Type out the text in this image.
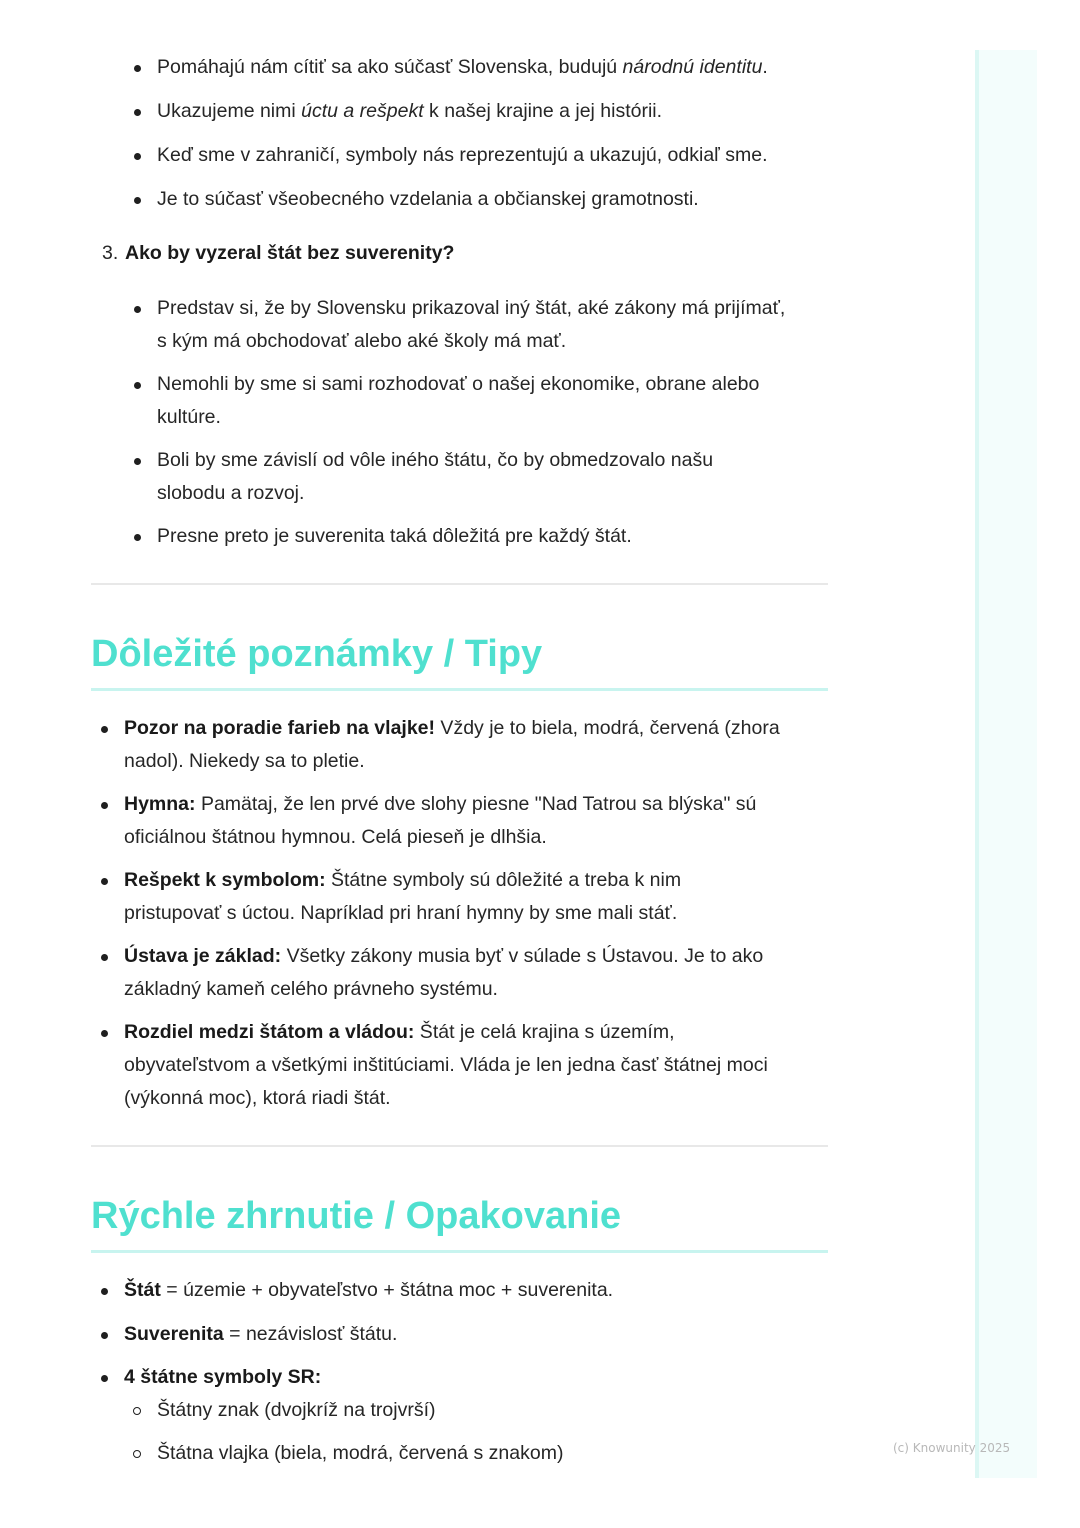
Pomáhajú nám cítiť sa ako súčasť Slovenska, budujú národnú identitu.
Ukazujeme nimi úctu a rešpekt k našej krajine a jej histórii.
Keď sme v zahraničí, symboly nás reprezentujú a ukazujú, odkiaľ sme.
Je to súčasť všeobecného vzdelania a občianskej gramotnosti.
3. Ako by vyzeral štát bez suverenity?
Predstav si, že by Slovensku prikazoval iný štát, aké zákony má prijímať,
s kým má obchodovať alebo aké školy má mať.
Nemohli by sme si sami rozhodovať o našej ekonomike, obrane alebo
kultúre.
Boli by sme závislí od vôle iného štátu, čo by obmedzovalo našu
slobodu a rozvoj.
Presne preto je suverenita taká dôležitá pre každý štát.
Dôležité poznámky / Tipy
Pozor na poradie farieb na vlajke! Vždy je to biela, modrá, červená (zhora
nadol). Niekedy sa to pletie.
Hymna: Pamätaj, že len prvé dve slohy piesne "Nad Tatrou sa blýska" sú
oficiálnou štátnou hymnou. Celá pieseň je dlhšia.
Rešpekt k symbolom: Štátne symboly sú dôležité a treba k nim
pristupovať s úctou. Napríklad pri hraní hymny by sme mali stáť.
Ústava je základ: Všetky zákony musia byť v súlade s Ústavou. Je to ako
základný kameň celého právneho systému.
Rozdiel medzi štátom a vládou: Štát je celá krajina s územím,
obyvateľstvom a všetkými inštitúciami. Vláda je len jedna časť štátnej moci
(výkonná moc), ktorá riadi štát.
Rýchle zhrnutie / Opakovanie
Štát = územie + obyvateľstvo + štátna moc + suverenita.
Suverenita = nezávislosť štátu.
4 štátne symboly SR:
Štátny znak (dvojkríž na trojvrší)
Štátna vlajka (biela, modrá, červená s znakom)	(c) Knowunity 2025
